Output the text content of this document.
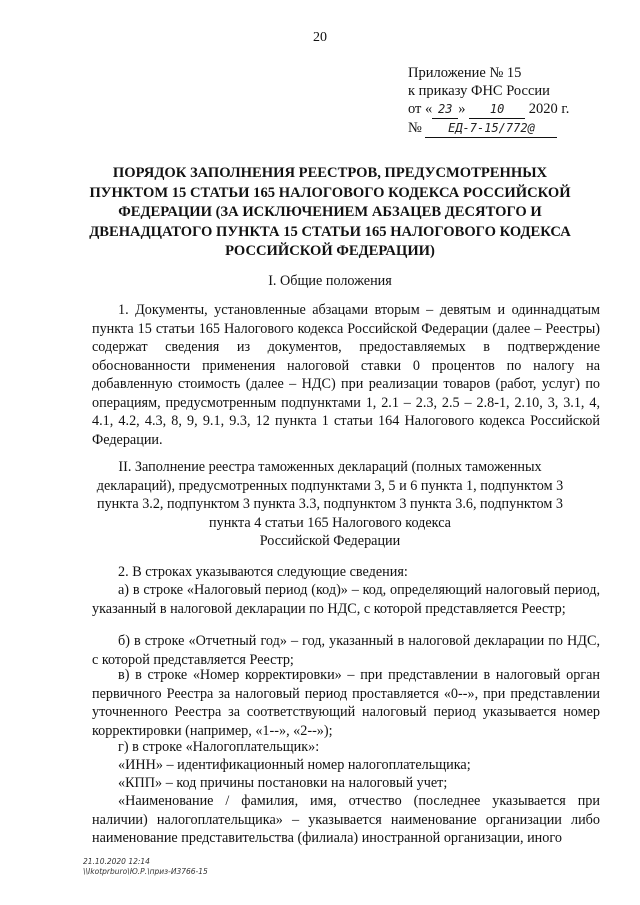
20
Приложение № 15
к приказу ФНС России
от « 23 » 10 2020 г.
№ ЕД-7-15/772@
ПОРЯДОК ЗАПОЛНЕНИЯ РЕЕСТРОВ, ПРЕДУСМОТРЕННЫХ ПУНКТОМ 15 СТАТЬИ 165 НАЛОГОВОГО КОДЕКСА РОССИЙСКОЙ ФЕДЕРАЦИИ (ЗА ИСКЛЮЧЕНИЕМ АБЗАЦЕВ ДЕСЯТОГО И ДВЕНАДЦАТОГО ПУНКТА 15 СТАТЬИ 165 НАЛОГОВОГО КОДЕКСА РОССИЙСКОЙ ФЕДЕРАЦИИ)
I. Общие положения
1. Документы, установленные абзацами вторым – девятым и одиннадцатым пункта 15 статьи 165 Налогового кодекса Российской Федерации (далее – Реестры) содержат сведения из документов, предоставляемых в подтверждение обоснованности применения налоговой ставки 0 процентов по налогу на добавленную стоимость (далее – НДС) при реализации товаров (работ, услуг) по операциям, предусмотренным подпунктами 1, 2.1 – 2.3, 2.5 – 2.8-1, 2.10, 3, 3.1, 4, 4.1, 4.2, 4.3, 8, 9, 9.1, 9.3, 12 пункта 1 статьи 164 Налогового кодекса Российской Федерации.
II. Заполнение реестра таможенных деклараций (полных таможенных
деклараций), предусмотренных подпунктами 3, 5 и 6 пункта 1, подпунктом 3
пункта 3.2, подпунктом 3 пункта 3.3, подпунктом 3 пункта 3.6, подпунктом 3
пункта 4 статьи 165 Налогового кодекса
Российской Федерации
2. В строках указываются следующие сведения:
а) в строке «Налоговый период (код)» – код, определяющий налоговый период, указанный в налоговой декларации по НДС, с которой представляется Реестр;
б) в строке «Отчетный год» – год, указанный в налоговой декларации по НДС, с которой представляется Реестр;
в) в строке «Номер корректировки» – при представлении в налоговый орган первичного Реестра за налоговый период проставляется «0--», при представлении уточненного Реестра за соответствующий налоговый период указывается номер корректировки (например, «1--», «2--»);
г) в строке «Налогоплательщик»:
«ИНН» – идентификационный номер налогоплательщика;
«КПП» – код причины постановки на налоговый учет;
«Наименование / фамилия, имя, отчество (последнее указывается при наличии) налогоплательщика» – указывается наименование организации либо наименование представительства (филиала) иностранной организации, иного
21.10.2020 12:14
\\Ikotprburo\Ю.Р.\приз-И3766-15
